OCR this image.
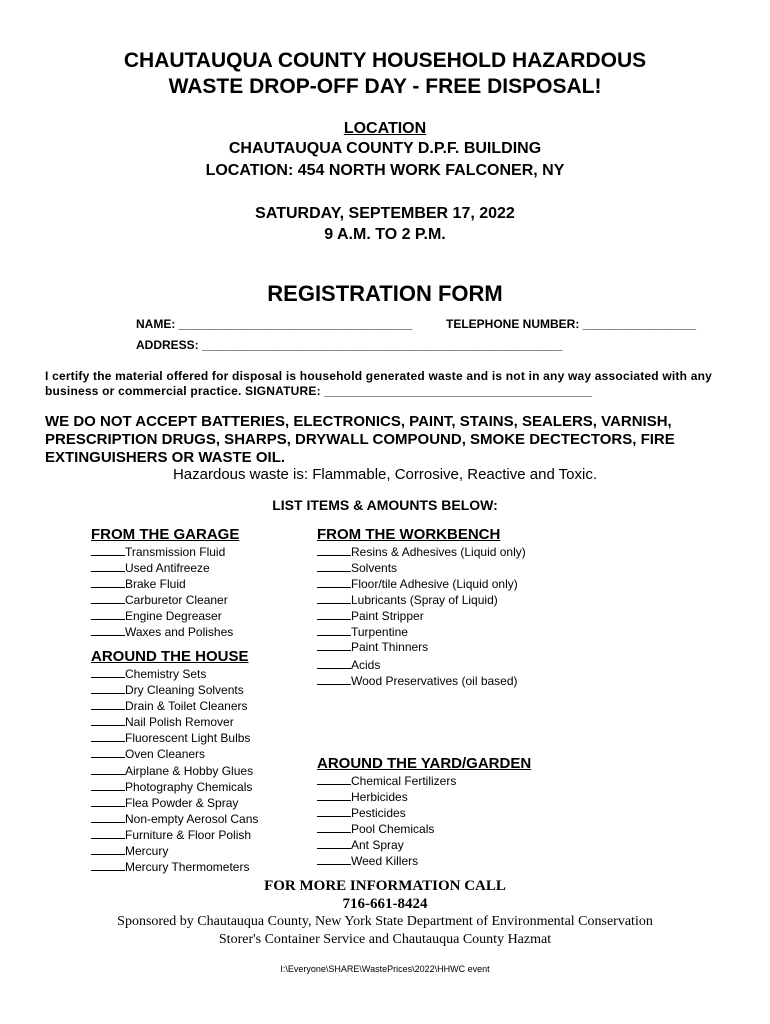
CHAUTAUQUA COUNTY HOUSEHOLD HAZARDOUS
WASTE DROP-OFF DAY - FREE DISPOSAL!
LOCATION
CHAUTAUQUA COUNTY D.P.F. BUILDING
LOCATION: 454 NORTH WORK FALCONER, NY
SATURDAY, SEPTEMBER 17, 2022
9 A.M. TO 2 P.M.
REGISTRATION FORM
NAME: ___________________________________	TELEPHONE NUMBER: _________________
ADDRESS: ______________________________________________________
I certify the material offered for disposal is household generated waste and is not in any way associated with any
business or commercial practice. SIGNATURE: _______________________________________
WE DO NOT ACCEPT BATTERIES, ELECTRONICS, PAINT, STAINS, SEALERS, VARNISH,
PRESCRIPTION DRUGS, SHARPS, DRYWALL COMPOUND, SMOKE DECTECTORS, FIRE
EXTINGUISHERS OR WASTE OIL.
Hazardous waste is: Flammable, Corrosive, Reactive and Toxic.
LIST ITEMS & AMOUNTS BELOW:
FROM THE GARAGE
Transmission Fluid
Used Antifreeze
Brake Fluid
Carburetor Cleaner
Engine Degreaser
Waxes and Polishes
AROUND THE HOUSE
Chemistry Sets
Dry Cleaning Solvents
Drain & Toilet Cleaners
Nail Polish Remover
Fluorescent Light Bulbs
Oven Cleaners
Airplane & Hobby Glues
Photography Chemicals
Flea Powder & Spray
Non-empty Aerosol Cans
Furniture & Floor Polish
Mercury
Mercury Thermometers
FROM THE WORKBENCH
Resins & Adhesives (Liquid only)
Solvents
Floor/tile Adhesive (Liquid only)
Lubricants (Spray of Liquid)
Paint Stripper
Turpentine
Paint Thinners
Acids
Wood Preservatives (oil based)
AROUND THE YARD/GARDEN
Chemical Fertilizers
Herbicides
Pesticides
Pool Chemicals
Ant Spray
Weed Killers
FOR MORE INFORMATION CALL
716-661-8424
Sponsored by Chautauqua County, New York State Department of Environmental Conservation
Storer's Container Service and Chautauqua County Hazmat
I:\Everyone\SHARE\WastePrices\2022\HHWC event
